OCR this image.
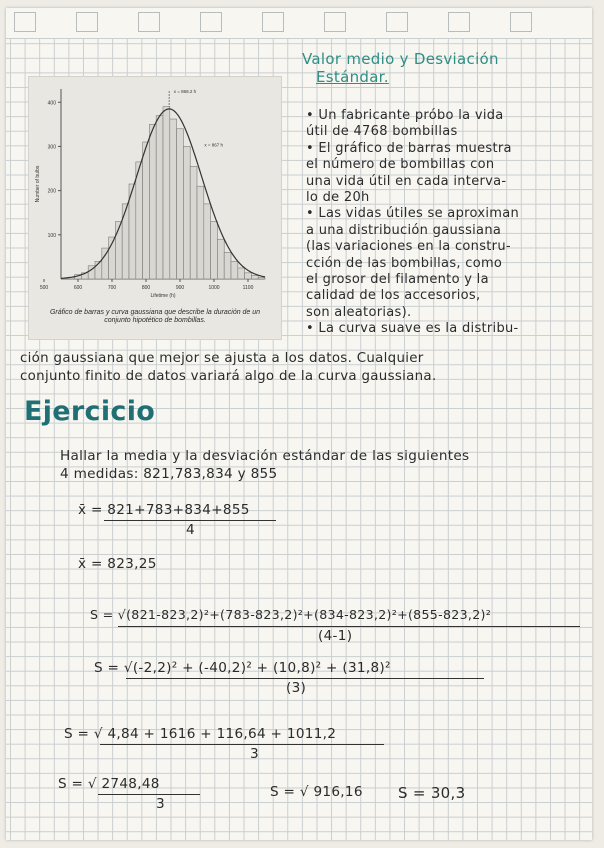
400
300
200
100
500	600	700	800	900	1000	1100
Lifetime (h)
Number of bulbs
x = 868.2 h
x = 867 h
Gráfico de barras y curva gaussiana que describe la duración de un conjunto hipotético de bombillas.
Valor medio y Desviación
Estándar.
• Un fabricante próbo la vida
útil de 4768 bombillas
• El gráfico de barras muestra
el número de bombillas con
una vida útil en cada interva-
lo de 20h
• Las vidas útiles se aproximan
a una distribución gaussiana
(las variaciones en la constru-
cción de las bombillas, como
el grosor del filamento y la
calidad de los accesorios,
son aleatorias).
• La curva suave es la distribu-
ción gaussiana que mejor se ajusta a los datos. Cualquier
conjunto finito de datos variará algo de la curva gaussiana.
Ejercicio
Hallar la media y la desviación estándar de las siguientes
4 medidas: 821,783,834 y 855
x̄ = 821+783+834+855
4
x̄ = 823,25
S = √(821-823,2)²+(783-823,2)²+(834-823,2)²+(855-823,2)²
(4-1)
S = √(-2,2)² + (-40,2)² + (10,8)² + (31,8)²
(3)
S = √ 4,84 + 1616 + 116,64 + 1011,2
3
S = √ 2748,48
3
S = √ 916,16 S = 30,3
